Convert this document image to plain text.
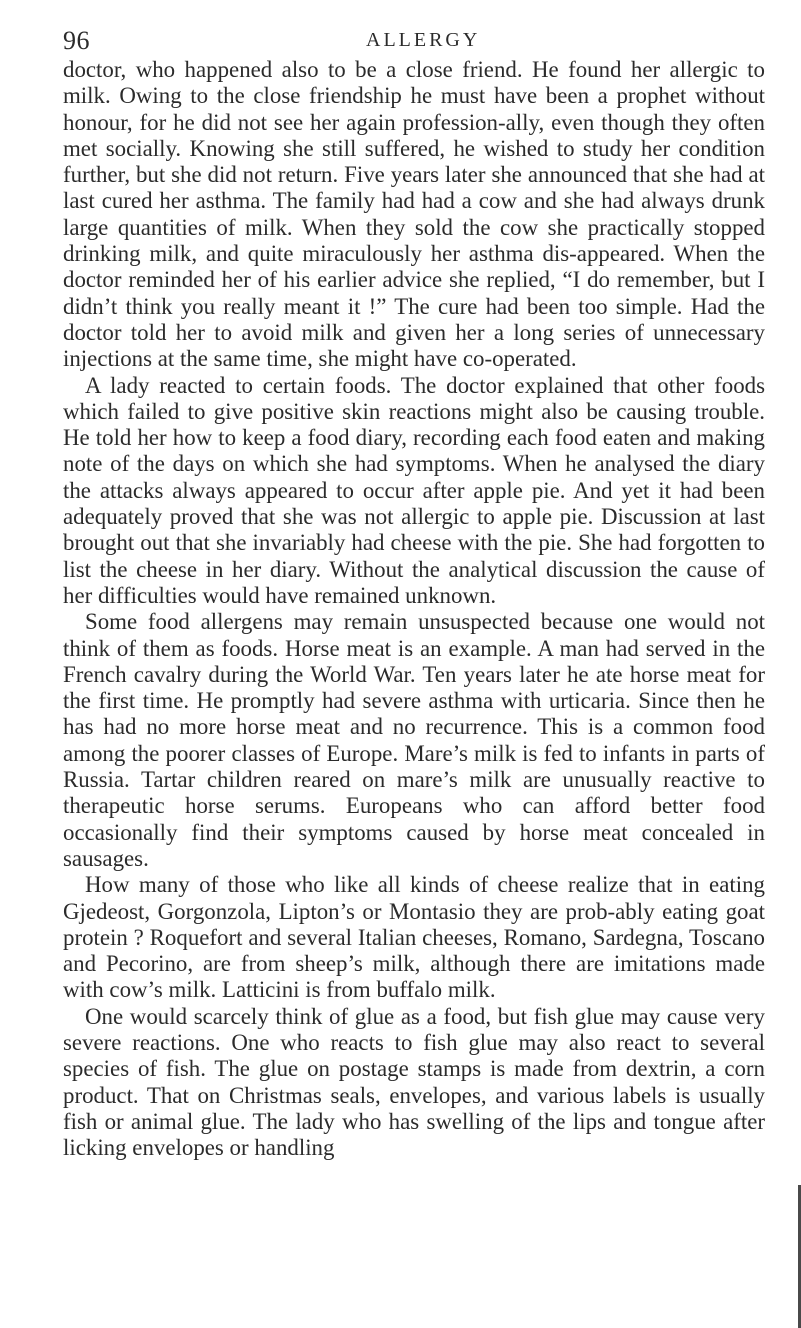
96	ALLERGY

doctor, who happened also to be a close friend. He found her allergic to milk. Owing to the close friendship he must have been a prophet without honour, for he did not see her again profession-ally, even though they often met socially. Knowing she still suffered, he wished to study her condition further, but she did not return. Five years later she announced that she had at last cured her asthma. The family had had a cow and she had always drunk large quantities of milk. When they sold the cow she practically stopped drinking milk, and quite miraculously her asthma dis-appeared. When the doctor reminded her of his earlier advice she replied, “I do remember, but I didn’t think you really meant it !” The cure had been too simple. Had the doctor told her to avoid milk and given her a long series of unnecessary injections at the same time, she might have co-operated.

A lady reacted to certain foods. The doctor explained that other foods which failed to give positive skin reactions might also be causing trouble. He told her how to keep a food diary, recording each food eaten and making note of the days on which she had symptoms. When he analysed the diary the attacks always appeared to occur after apple pie. And yet it had been adequately proved that she was not allergic to apple pie. Discussion at last brought out that she invariably had cheese with the pie. She had forgotten to list the cheese in her diary. Without the analytical discussion the cause of her difficulties would have remained unknown.

Some food allergens may remain unsuspected because one would not think of them as foods. Horse meat is an example. A man had served in the French cavalry during the World War. Ten years later he ate horse meat for the first time. He promptly had severe asthma with urticaria. Since then he has had no more horse meat and no recurrence. This is a common food among the poorer classes of Europe. Mare’s milk is fed to infants in parts of Russia. Tartar children reared on mare’s milk are unusually reactive to therapeutic horse serums. Europeans who can afford better food occasionally find their symptoms caused by horse meat concealed in sausages.

How many of those who like all kinds of cheese realize that in eating Gjedeost, Gorgonzola, Lipton’s or Montasio they are prob-ably eating goat protein ? Roquefort and several Italian cheeses, Romano, Sardegna, Toscano and Pecorino, are from sheep’s milk, although there are imitations made with cow’s milk. Latticini is from buffalo milk.

One would scarcely think of glue as a food, but fish glue may cause very severe reactions. One who reacts to fish glue may also react to several species of fish. The glue on postage stamps is made from dextrin, a corn product. That on Christmas seals, envelopes, and various labels is usually fish or animal glue. The lady who has swelling of the lips and tongue after licking envelopes or handling
